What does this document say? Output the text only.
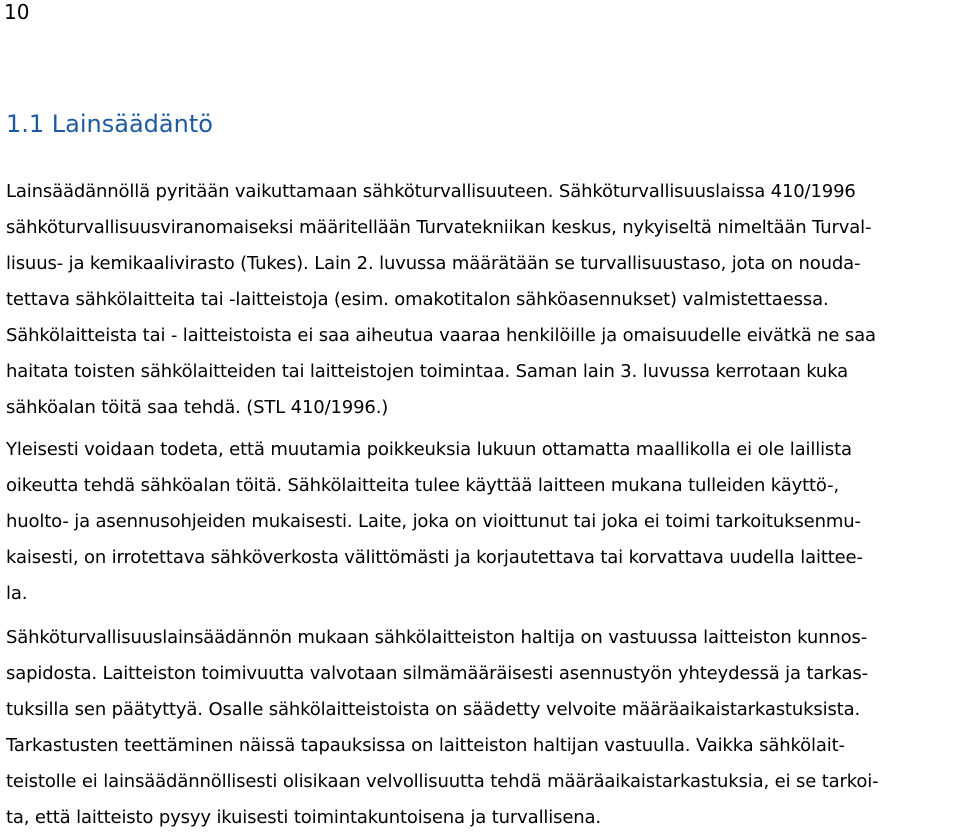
10
1.1 Lainsäädäntö

Lainsäädännöllä pyritään vaikuttamaan sähköturvallisuuteen. Sähköturvallisuuslaissa 410/1996
sähköturvallisuusviranomaiseksi määritellään Turvatekniikan keskus, nykyiseltä nimeltään Turval-
lisuus- ja kemikaalivirasto (Tukes). Lain 2. luvussa määrätään se turvallisuustaso, jota on nouda-
tettava sähkölaitteita tai -laitteistoja (esim. omakotitalon sähköasennukset) valmistettaessa.
Sähkölaitteista tai - laitteistoista ei saa aiheutua vaaraa henkilöille ja omaisuudelle eivätkä ne saa
haitata toisten sähkölaitteiden tai laitteistojen toimintaa. Saman lain 3. luvussa kerrotaan kuka
sähköalan töitä saa tehdä. (STL 410/1996.)

Yleisesti voidaan todeta, että muutamia poikkeuksia lukuun ottamatta maallikolla ei ole laillista
oikeutta tehdä sähköalan töitä. Sähkölaitteita tulee käyttää laitteen mukana tulleiden käyttö-,
huolto- ja asennusohjeiden mukaisesti. Laite, joka on vioittunut tai joka ei toimi tarkoituksenmu-
kaisesti, on irrotettava sähköverkosta välittömästi ja korjautettava tai korvattava uudella laittee-
la.

Sähköturvallisuuslainsäädännön mukaan sähkölaitteiston haltija on vastuussa laitteiston kunnos-
sapidosta. Laitteiston toimivuutta valvotaan silmämääräisesti asennustyön yhteydessä ja tarkas-
tuksilla sen päätyttyä. Osalle sähkölaitteistoista on säädetty velvoite määräaikaistarkastuksista.
Tarkastusten teettäminen näissä tapauksissa on laitteiston haltijan vastuulla. Vaikka sähkölait-
teistolle ei lainsäädännöllisesti olisikaan velvollisuutta tehdä määräaikaistarkastuksia, ei se tarkoi-
ta, että laitteisto pysyy ikuisesti toimintakuntoisena ja turvallisena.
